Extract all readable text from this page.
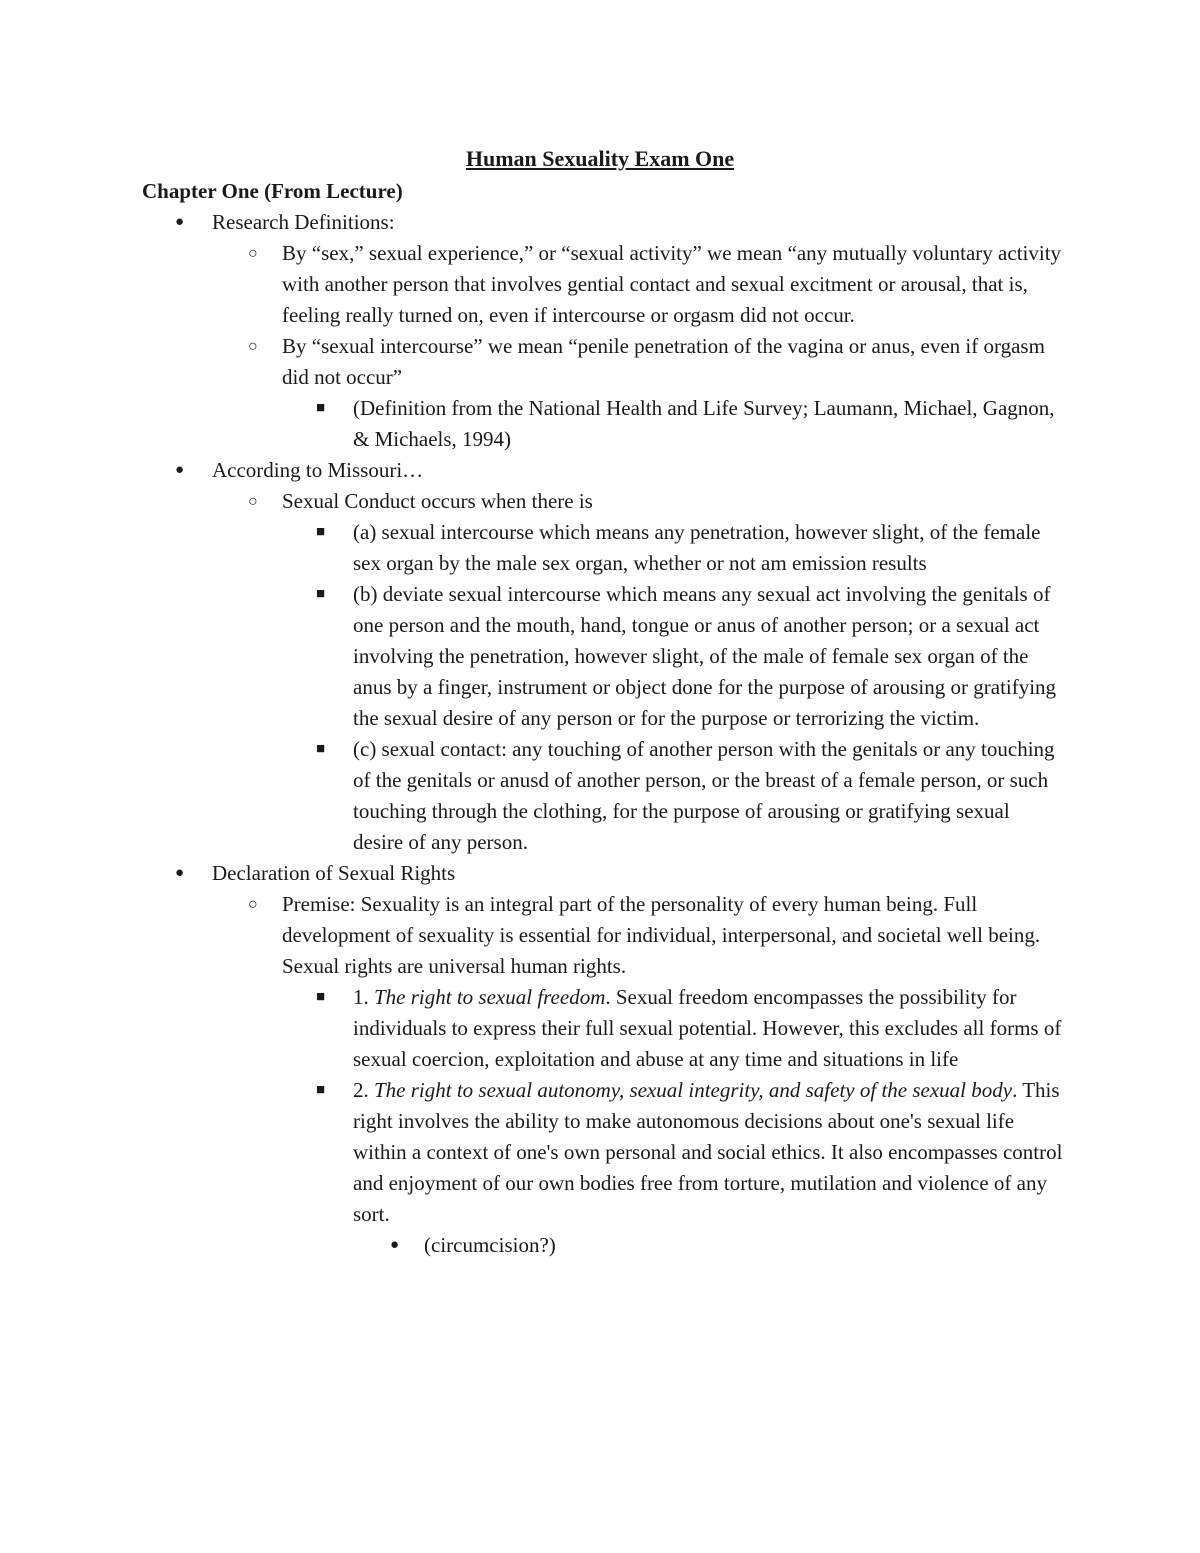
Human Sexuality Exam One
Chapter One (From Lecture)
● Research Definitions:
○ By “sex,” sexual experience,” or “sexual activity” we mean “any mutually voluntary activity with another person that involves gential contact and sexual excitment or arousal, that is, feeling really turned on, even if intercourse or orgasm did not occur.
○ By “sexual intercourse” we mean “penile penetration of the vagina or anus, even if orgasm did not occur”
■ (Definition from the National Health and Life Survey; Laumann, Michael, Gagnon, & Michaels, 1994)
● According to Missouri…
○ Sexual Conduct occurs when there is
■ (a) sexual intercourse which means any penetration, however slight, of the female sex organ by the male sex organ, whether or not am emission results
■ (b) deviate sexual intercourse which means any sexual act involving the genitals of one person and the mouth, hand, tongue or anus of another person; or a sexual act involving the penetration, however slight, of the male of female sex organ of the anus by a finger, instrument or object done for the purpose of arousing or gratifying the sexual desire of any person or for the purpose or terrorizing the victim.
■ (c) sexual contact: any touching of another person with the genitals or any touching of the genitals or anusd of another person, or the breast of a female person, or such touching through the clothing, for the purpose of arousing or gratifying sexual desire of any person.
● Declaration of Sexual Rights
○ Premise: Sexuality is an integral part of the personality of every human being. Full development of sexuality is essential for individual, interpersonal, and societal well being. Sexual rights are universal human rights.
■ 1. The right to sexual freedom. Sexual freedom encompasses the possibility for individuals to express their full sexual potential. However, this excludes all forms of sexual coercion, exploitation and abuse at any time and situations in life
■ 2. The right to sexual autonomy, sexual integrity, and safety of the sexual body. This right involves the ability to make autonomous decisions about one's sexual life within a context of one's own personal and social ethics. It also encompasses control and enjoyment of our own bodies free from torture, mutilation and violence of any sort.
● (circumcision?)
